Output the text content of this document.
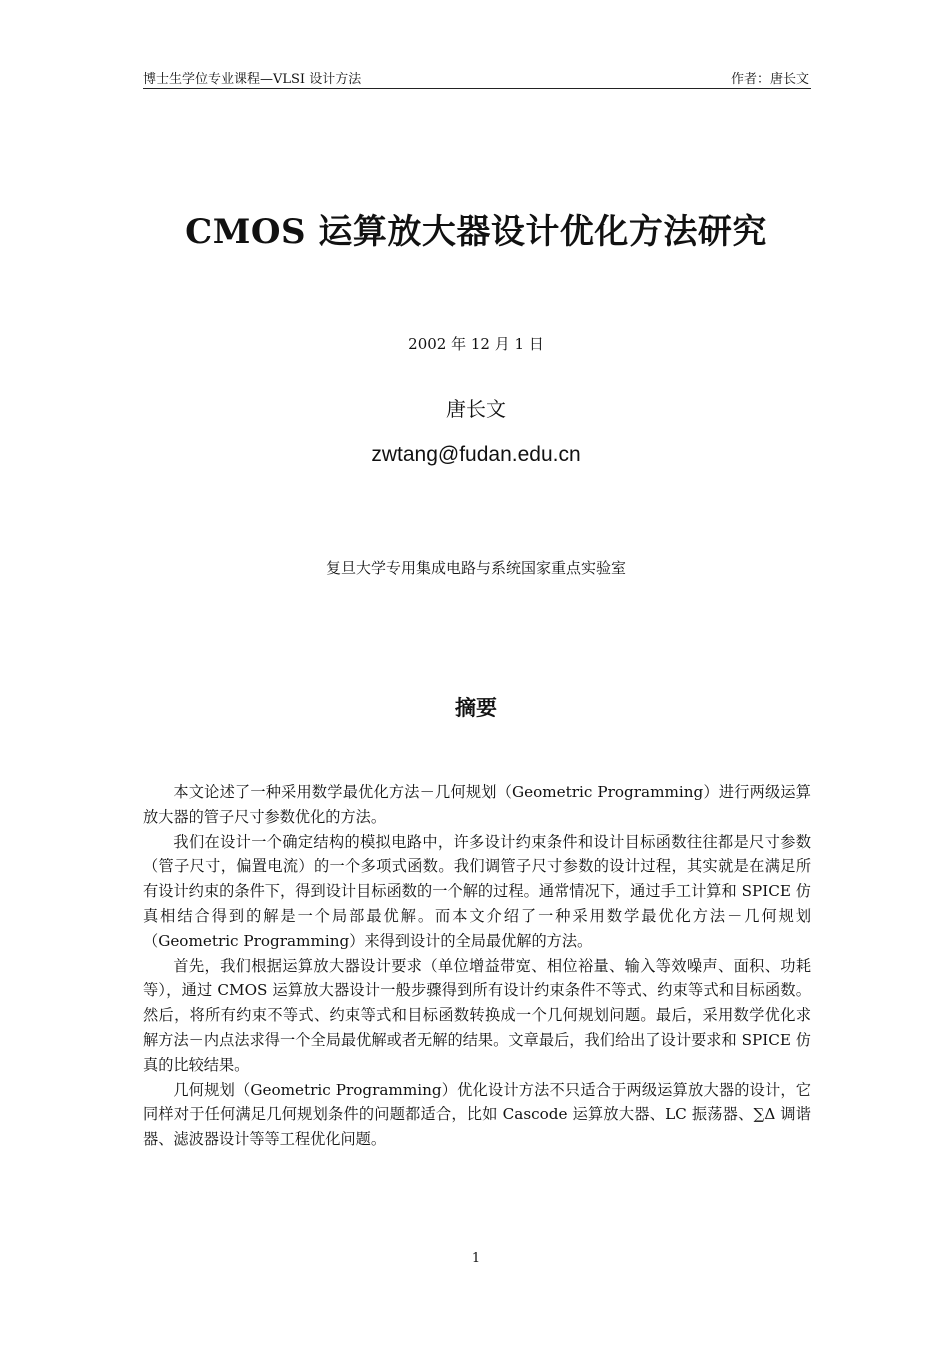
博士生学位专业课程—VLSI 设计方法	作者：唐长文
CMOS 运算放大器设计优化方法研究
2002 年 12 月 1 日
唐长文
zwtang@fudan.edu.cn
复旦大学专用集成电路与系统国家重点实验室
摘要

本文论述了一种采用数学最优化方法－几何规划（Geometric Programming）进行两级运算放大器的管子尺寸参数优化的方法。

我们在设计一个确定结构的模拟电路中，许多设计约束条件和设计目标函数往往都是尺寸参数（管子尺寸，偏置电流）的一个多项式函数。我们调管子尺寸参数的设计过程，其实就是在满足所有设计约束的条件下，得到设计目标函数的一个解的过程。通常情况下，通过手工计算和 SPICE 仿真相结合得到的解是一个局部最优解。而本文介绍了一种采用数学最优化方法－几何规划（Geometric Programming）来得到设计的全局最优解的方法。

首先，我们根据运算放大器设计要求（单位增益带宽、相位裕量、输入等效噪声、面积、功耗等），通过 CMOS 运算放大器设计一般步骤得到所有设计约束条件不等式、约束等式和目标函数。然后，将所有约束不等式、约束等式和目标函数转换成一个几何规划问题。最后，采用数学优化求解方法－内点法求得一个全局最优解或者无解的结果。文章最后，我们给出了设计要求和 SPICE 仿真的比较结果。

几何规划（Geometric Programming）优化设计方法不只适合于两级运算放大器的设计，它同样对于任何满足几何规划条件的问题都适合，比如 Cascode 运算放大器、LC 振荡器、∑Δ 调谐器、滤波器设计等等工程优化问题。

1
